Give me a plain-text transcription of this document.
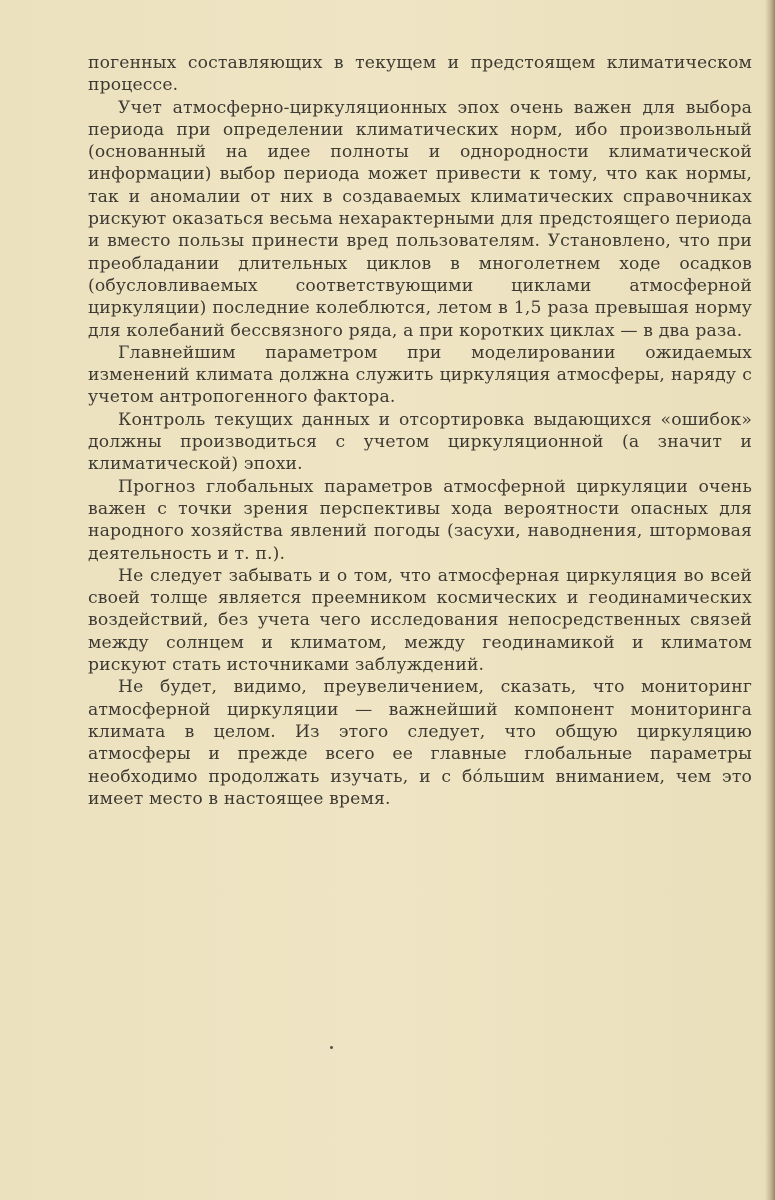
погенных составляющих в текущем и предстоящем климатическом процессе.

Учет атмосферно-циркуляционных эпох очень важен для выбора периода при определении климатических норм, ибо произвольный (основанный на идее полноты и однородности климатической информации) выбор периода может привести к тому, что как нормы, так и аномалии от них в создаваемых климатических справочниках рискуют оказаться весьма нехарактерными для предстоящего периода и вместо пользы принести вред пользователям. Установлено, что при преобладании длительных циклов в многолетнем ходе осадков (обусловливаемых соответствующими циклами атмосферной циркуляции) последние колеблются, летом в 1,5 раза превышая норму для колебаний бессвязного ряда, а при коротких циклах — в два раза.

Главнейшим параметром при моделировании ожидаемых изменений климата должна служить циркуляция атмосферы, наряду с учетом антропогенного фактора.

Контроль текущих данных и отсортировка выдающихся «ошибок» должны производиться с учетом циркуляционной (а значит и климатической) эпохи.

Прогноз глобальных параметров атмосферной циркуляции очень важен с точки зрения перспективы хода вероятности опасных для народного хозяйства явлений погоды (засухи, наводнения, штормовая деятельность и т. п.).

Не следует забывать и о том, что атмосферная циркуляция во всей своей толще является преемником космических и геодинамических воздействий, без учета чего исследования непосредственных связей между солнцем и климатом, между геодинамикой и климатом рискуют стать источниками заблуждений.

Не будет, видимо, преувеличением, сказать, что мониторинг атмосферной циркуляции — важнейший компонент мониторинга климата в целом. Из этого следует, что общую циркуляцию атмосферы и прежде всего ее главные глобальные параметры необходимо продолжать изучать, и с бо́льшим вниманием, чем это имеет место в настоящее время.
